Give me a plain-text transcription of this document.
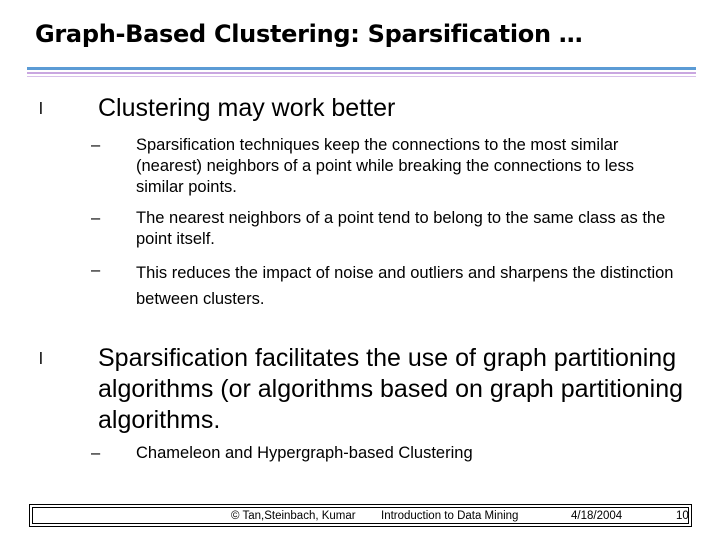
Graph-Based Clustering: Sparsification …
l Clustering may work better
– Sparsification techniques keep the connections to the most similar (nearest) neighbors of a point while breaking the connections to less similar points.
– The nearest neighbors of a point tend to belong to the same class as the point itself.
– This reduces the impact of noise and outliers and sharpens the distinction between clusters.
l Sparsification facilitates the use of graph partitioning algorithms (or algorithms based on graph partitioning algorithms.
– Chameleon and Hypergraph-based Clustering
© Tan,Steinbach, Kumar Introduction to Data Mining	4/18/2004	10
